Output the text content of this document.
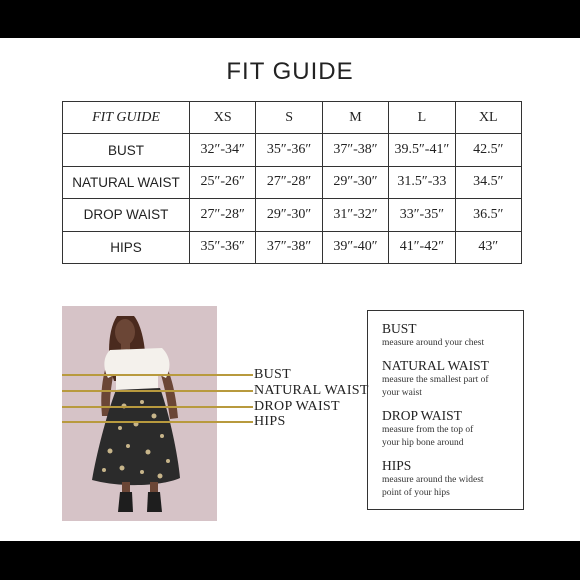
FIT GUIDE
FIT GUIDE	XS	S	M	L	XL
BUST	32″-34″	35″-36″	37″-38″	39.5″-41″	42.5″
NATURAL WAIST	25″-26″	27″-28″	29″-30″	31.5″-33	34.5″
DROP WAIST	27″-28″	29″-30″	31″-32″	33″-35″	36.5″
HIPS	35″-36″	37″-38″	39″-40″	41″-42″	43″
BUST
NATURAL WAIST
DROP WAIST
HIPS
BUST
measure around your chest
NATURAL WAIST
measure the smallest part of
your waist
DROP WAIST
measure from the top of
your hip bone around
HIPS
measure around the widest
point of your hips
